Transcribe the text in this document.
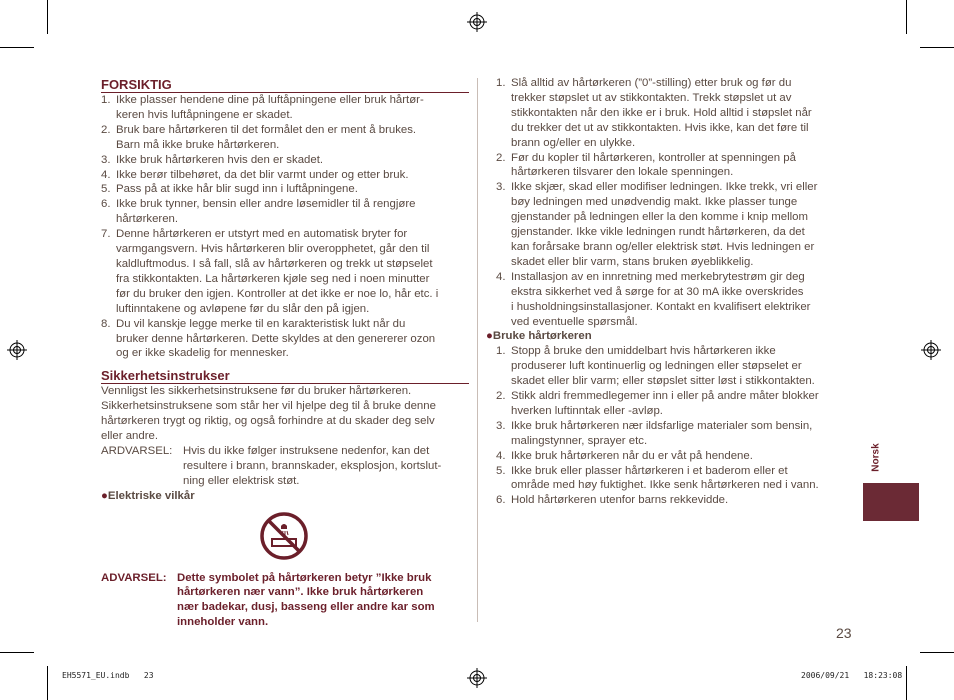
FORSIKTIG
1. Ikke plasser hendene dine på luftåpningene eller bruk hårtør-
keren hvis luftåpningene er skadet.
2. Bruk bare hårtørkeren til det formålet den er ment å brukes.
Barn må ikke bruke hårtørkeren.
3. Ikke bruk hårtørkeren hvis den er skadet.
4. Ikke berør tilbehøret, da det blir varmt under og etter bruk.
5. Pass på at ikke hår blir sugd inn i luftåpningene.
6. Ikke bruk tynner, bensin eller andre løsemidler til å rengjøre
hårtørkeren.
7. Denne hårtørkeren er utstyrt med en automatisk bryter for
varmgangsvern. Hvis hårtørkeren blir overopphetet, går den til
kaldluftmodus. I så fall, slå av hårtørkeren og trekk ut støpselet
fra stikkontakten. La hårtørkeren kjøle seg ned i noen minutter
før du bruker den igjen. Kontroller at det ikke er noe lo, hår etc. i
luftinntakene og avløpene før du slår den på igjen.
8. Du vil kanskje legge merke til en karakteristisk lukt når du
bruker denne hårtørkeren. Dette skyldes at den genererer ozon
og er ikke skadelig for mennesker.
Sikkerhetsinstrukser

Vennligst les sikkerhetsinstruksene før du bruker hårtørkeren.

Sikkerhetsinstruksene som står her vil hjelpe deg til å bruke denne
hårtørkeren trygt og riktig, og også forhindre at du skader deg selv
eller andre.

ARDVARSEL: Hvis du ikke følger instruksene nedenfor, kan det
resultere i brann, brannskader, eksplosjon, kortslut-
ning eller elektrisk støt.
●Elektriske vilkår
ADVARSEL: Dette symbolet på hårtørkeren betyr ”Ikke bruk
hårtørkeren nær vann”. Ikke bruk hårtørkeren
nær badekar, dusj, basseng eller andre kar som
inneholder vann.
1. Slå alltid av hårtørkeren (”0”-stilling) etter bruk og før du
trekker støpslet ut av stikkontakten. Trekk støpslet ut av
stikkontakten når den ikke er i bruk. Hold alltid i støpslet når
du trekker det ut av stikkontakten. Hvis ikke, kan det føre til
brann og/eller en ulykke.
2. Før du kopler til hårtørkeren, kontroller at spenningen på
hårtørkeren tilsvarer den lokale spenningen.
3. Ikke skjær, skad eller modifiser ledningen. Ikke trekk, vri eller
bøy ledningen med unødvendig makt. Ikke plasser tunge
gjenstander på ledningen eller la den komme i knip mellom
gjenstander. Ikke vikle ledningen rundt hårtørkeren, da det
kan forårsake brann og/eller elektrisk støt. Hvis ledningen er
skadet eller blir varm, stans bruken øyeblikkelig.
4. Installasjon av en innretning med merkebrytestrøm gir deg
ekstra sikkerhet ved å sørge for at 30 mA ikke overskrides
i husholdningsinstallasjoner. Kontakt en kvalifisert elektriker
ved eventuelle spørsmål.
●Bruke hårtørkeren
1. Stopp å bruke den umiddelbart hvis hårtørkeren ikke
produserer luft kontinuerlig og ledningen eller støpselet er
skadet eller blir varm; eller støpslet sitter løst i stikkontakten.
2. Stikk aldri fremmedlegemer inn i eller på andre måter blokker
hverken luftinntak eller -avløp.
3. Ikke bruk hårtørkeren nær ildsfarlige materialer som bensin,
malingstynner, sprayer etc.
4. Ikke bruk hårtørkeren når du er våt på hendene.
5. Ikke bruk eller plasser hårtørkeren i et baderom eller et
område med høy fuktighet. Ikke senk hårtørkeren ned i vann.
6. Hold hårtørkeren utenfor barns rekkevidde.
Norsk
23
EH5571_EU.indb   23	2006/09/21   18:23:08
